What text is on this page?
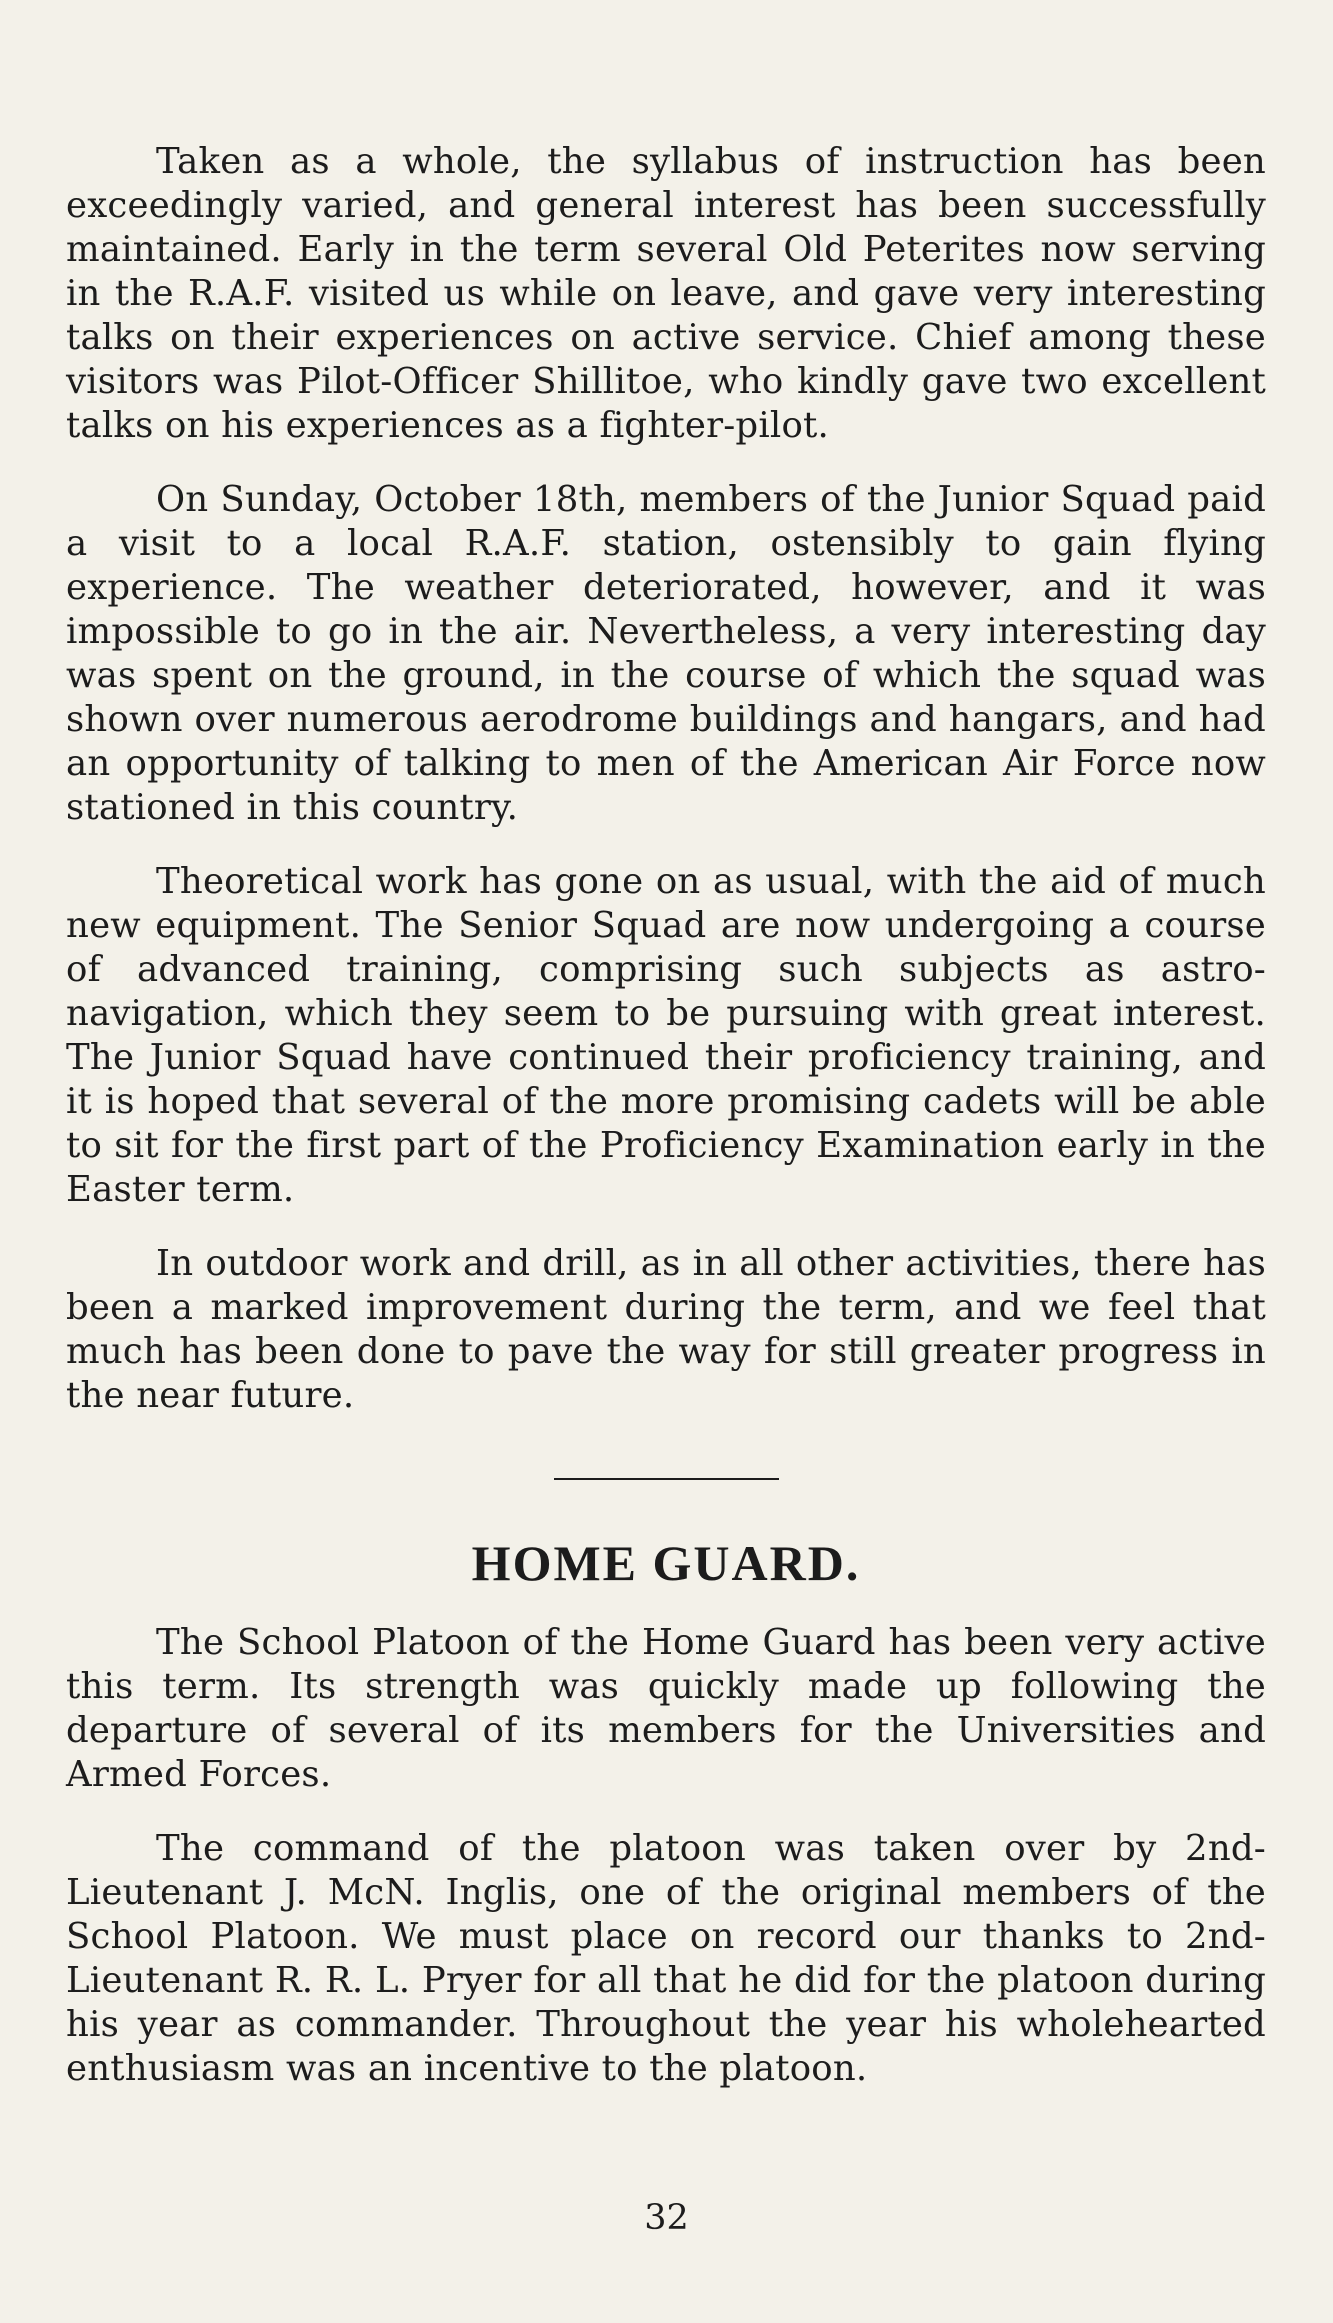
Taken as a whole, the syllabus of instruction has been exceedingly varied, and general interest has been successfully maintained. Early in the term several Old Peterites now serving in the R.A.F. visited us while on leave, and gave very interesting talks on their experiences on active service. Chief among these visitors was Pilot-Officer Shillitoe, who kindly gave two excellent talks on his experiences as a fighter-pilot.

On Sunday, October 18th, members of the Junior Squad paid a visit to a local R.A.F. station, ostensibly to gain flying experience. The weather deteriorated, however, and it was impossible to go in the air. Nevertheless, a very interesting day was spent on the ground, in the course of which the squad was shown over numerous aerodrome buildings and hangars, and had an opportunity of talking to men of the American Air Force now stationed in this country.

Theoretical work has gone on as usual, with the aid of much new equipment. The Senior Squad are now undergoing a course of advanced training, comprising such subjects as astro-navigation, which they seem to be pursuing with great interest. The Junior Squad have continued their proficiency training, and it is hoped that several of the more promising cadets will be able to sit for the first part of the Proficiency Examination early in the Easter term.

In outdoor work and drill, as in all other activities, there has been a marked improvement during the term, and we feel that much has been done to pave the way for still greater progress in the near future.

HOME GUARD.

The School Platoon of the Home Guard has been very active this term. Its strength was quickly made up following the departure of several of its members for the Universities and Armed Forces.

The command of the platoon was taken over by 2nd-Lieutenant J. McN. Inglis, one of the original members of the School Platoon. We must place on record our thanks to 2nd-Lieutenant R. R. L. Pryer for all that he did for the platoon during his year as commander. Throughout the year his wholehearted enthusiasm was an incentive to the platoon.

32
